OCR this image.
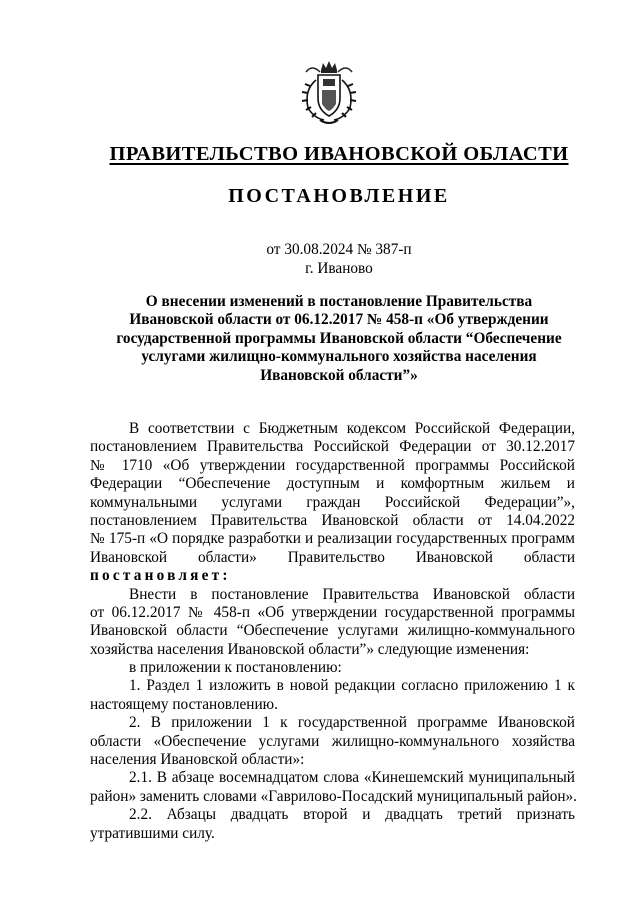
ПРАВИТЕЛЬСТВО ИВАНОВСКОЙ ОБЛАСТИ
ПОСТАНОВЛЕНИЕ
от 30.08.2024 № 387-п
г. Иваново
О внесении изменений в постановление Правительства
Ивановской области от 06.12.2017 № 458-п «Об утверждении
государственной программы Ивановской области “Обеспечение
услугами жилищно-коммунального хозяйства населения
Ивановской области”»
В соответствии с Бюджетным кодексом Российской Федерации,
постановлением Правительства Российской Федерации от 30.12.2017
№ 1710 «Об утверждении государственной программы Российской
Федерации “Обеспечение доступным и комфортным жильем и
коммунальными услугами граждан Российской Федерации”»,
постановлением Правительства Ивановской области от 14.04.2022
№ 175-п «О порядке разработки и реализации государственных программ
Ивановской области» Правительство Ивановской области
постановляет:
Внести в постановление Правительства Ивановской области
от 06.12.2017 № 458-п «Об утверждении государственной программы
Ивановской области “Обеспечение услугами жилищно-коммунального
хозяйства населения Ивановской области”» следующие изменения:
в приложении к постановлению:
1. Раздел 1 изложить в новой редакции согласно приложению 1 к
настоящему постановлению.
2. В приложении 1 к государственной программе Ивановской
области «Обеспечение услугами жилищно-коммунального хозяйства
населения Ивановской области»:
2.1. В абзаце восемнадцатом слова «Кинешемский муниципальный
район» заменить словами «Гаврилово-Посадский муниципальный район».
2.2. Абзацы двадцать второй и двадцать третий признать
утратившими силу.
